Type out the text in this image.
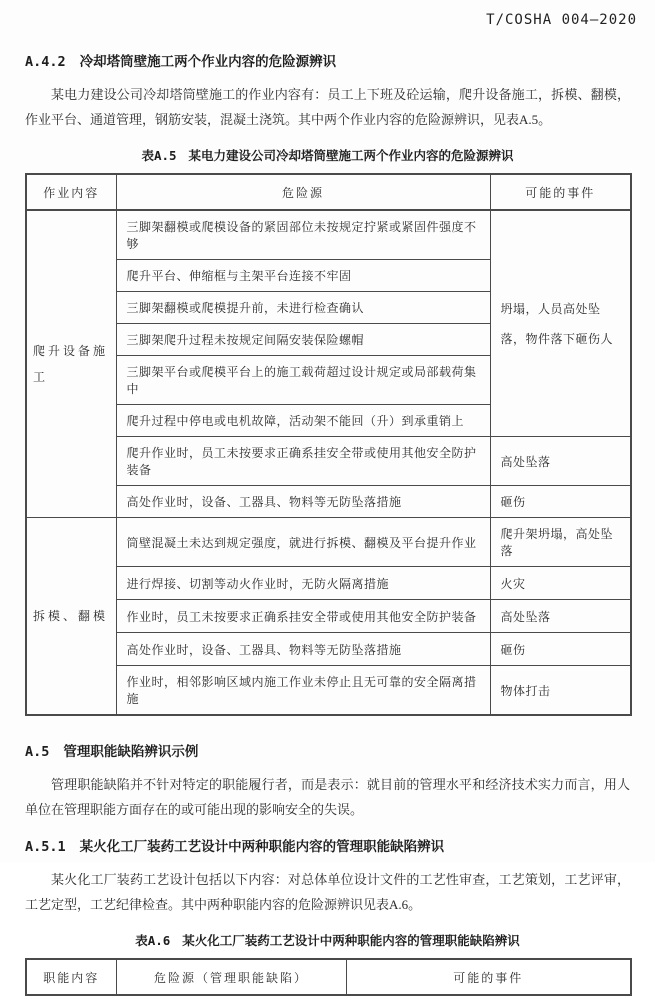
T/COSHA 004—2020
A.4.2 冷却塔筒壁施工两个作业内容的危险源辨识

某电力建设公司冷却塔筒壁施工的作业内容有：员工上下班及砼运输，爬升设备施工，拆模、翻模，作业平台、通道管理，钢筋安装，混凝土浇筑。其中两个作业内容的危险源辨识，见表A.5。

表A.5 某电力建设公司冷却塔筒壁施工两个作业内容的危险源辨识
作业内容	危险源	可能的事件
爬升设备施工	三脚架翻模或爬模设备的紧固部位未按规定拧紧或紧固件强度不够	坍塌，人员高处坠落，物件落下砸伤人
	爬升平台、伸缩框与主架平台连接不牢固	
	三脚架翻模或爬模提升前，未进行检查确认	
	三脚架爬升过程未按规定间隔安装保险螺帽	
	三脚架平台或爬模平台上的施工载荷超过设计规定或局部载荷集中	
	爬升过程中停电或电机故障，活动架不能回（升）到承重销上	
	爬升作业时，员工未按要求正确系挂安全带或使用其他安全防护装备	高处坠落
	高处作业时，设备、工器具、物料等无防坠落措施	砸伤
拆模、翻模	筒壁混凝土未达到规定强度，就进行拆模、翻模及平台提升作业	爬升架坍塌，高处坠落
	进行焊接、切割等动火作业时，无防火隔离措施	火灾
	作业时，员工未按要求正确系挂安全带或使用其他安全防护装备	高处坠落
	高处作业时，设备、工器具、物料等无防坠落措施	砸伤
	作业时，相邻影响区域内施工作业未停止且无可靠的安全隔离措施	物体打击
A.5 管理职能缺陷辨识示例

管理职能缺陷并不针对特定的职能履行者，而是表示：就目前的管理水平和经济技术实力而言，用人单位在管理职能方面存在的或可能出现的影响安全的失误。

A.5.1 某火化工厂装药工艺设计中两种职能内容的管理职能缺陷辨识

某火化工厂装药工艺设计包括以下内容：对总体单位设计文件的工艺性审查，工艺策划，工艺评审，工艺定型，工艺纪律检查。其中两种职能内容的危险源辨识见表A.6。

表A.6 某火化工厂装药工艺设计中两种职能内容的管理职能缺陷辨识
职能内容	危险源（管理职能缺陷）	可能的事件
